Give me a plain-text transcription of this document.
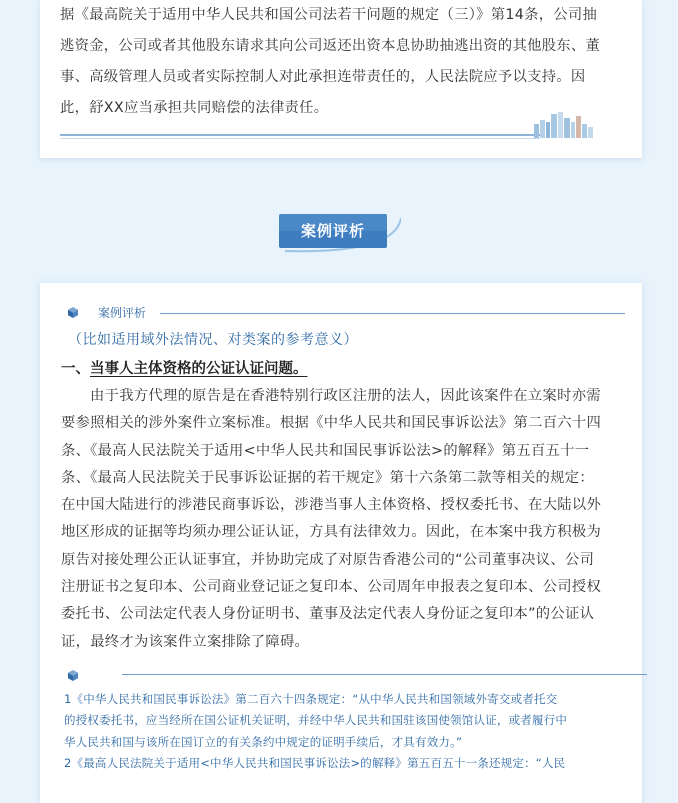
据《最高院关于适用中华人民共和国公司法若干问题的规定（三）》第14条，公司抽
逃资金，公司或者其他股东请求其向公司返还出资本息协助抽逃出资的其他股东、董
事、高级管理人员或者实际控制人对此承担连带责任的，人民法院应予以支持。因
此，舒XX应当承担共同赔偿的法律责任。
案例评析
案例评析
（比如适用域外法情况、对类案的参考意义）
一、当事人主体资格的公证认证问题。
由于我方代理的原告是在香港特别行政区注册的法人，因此该案件在立案时亦需
要参照相关的涉外案件立案标准。根据《中华人民共和国民事诉讼法》第二百六十四
条、《最高人民法院关于适用<中华人民共和国民事诉讼法>的解释》第五百五十一
条、《最高人民法院关于民事诉讼证据的若干规定》第十六条第二款等相关的规定：
在中国大陆进行的涉港民商事诉讼，涉港当事人主体资格、授权委托书、在大陆以外
地区形成的证据等均须办理公证认证，方具有法律效力。因此，在本案中我方积极为
原告对接处理公正认证事宜，并协助完成了对原告香港公司的“公司董事决议、公司
注册证书之复印本、公司商业登记证之复印本、公司周年申报表之复印本、公司授权
委托书、公司法定代表人身份证明书、董事及法定代表人身份证之复印本”的公证认
证，最终才为该案件立案排除了障碍。
1《中华人民共和国民事诉讼法》第二百六十四条规定：“从中华人民共和国领域外寄交或者托交
的授权委托书，应当经所在国公证机关证明，并经中华人民共和国驻该国使领馆认证，或者履行中
华人民共和国与该所在国订立的有关条约中规定的证明手续后，才具有效力。”
2《最高人民法院关于适用<中华人民共和国民事诉讼法>的解释》第五百五十一条还规定：“人民
